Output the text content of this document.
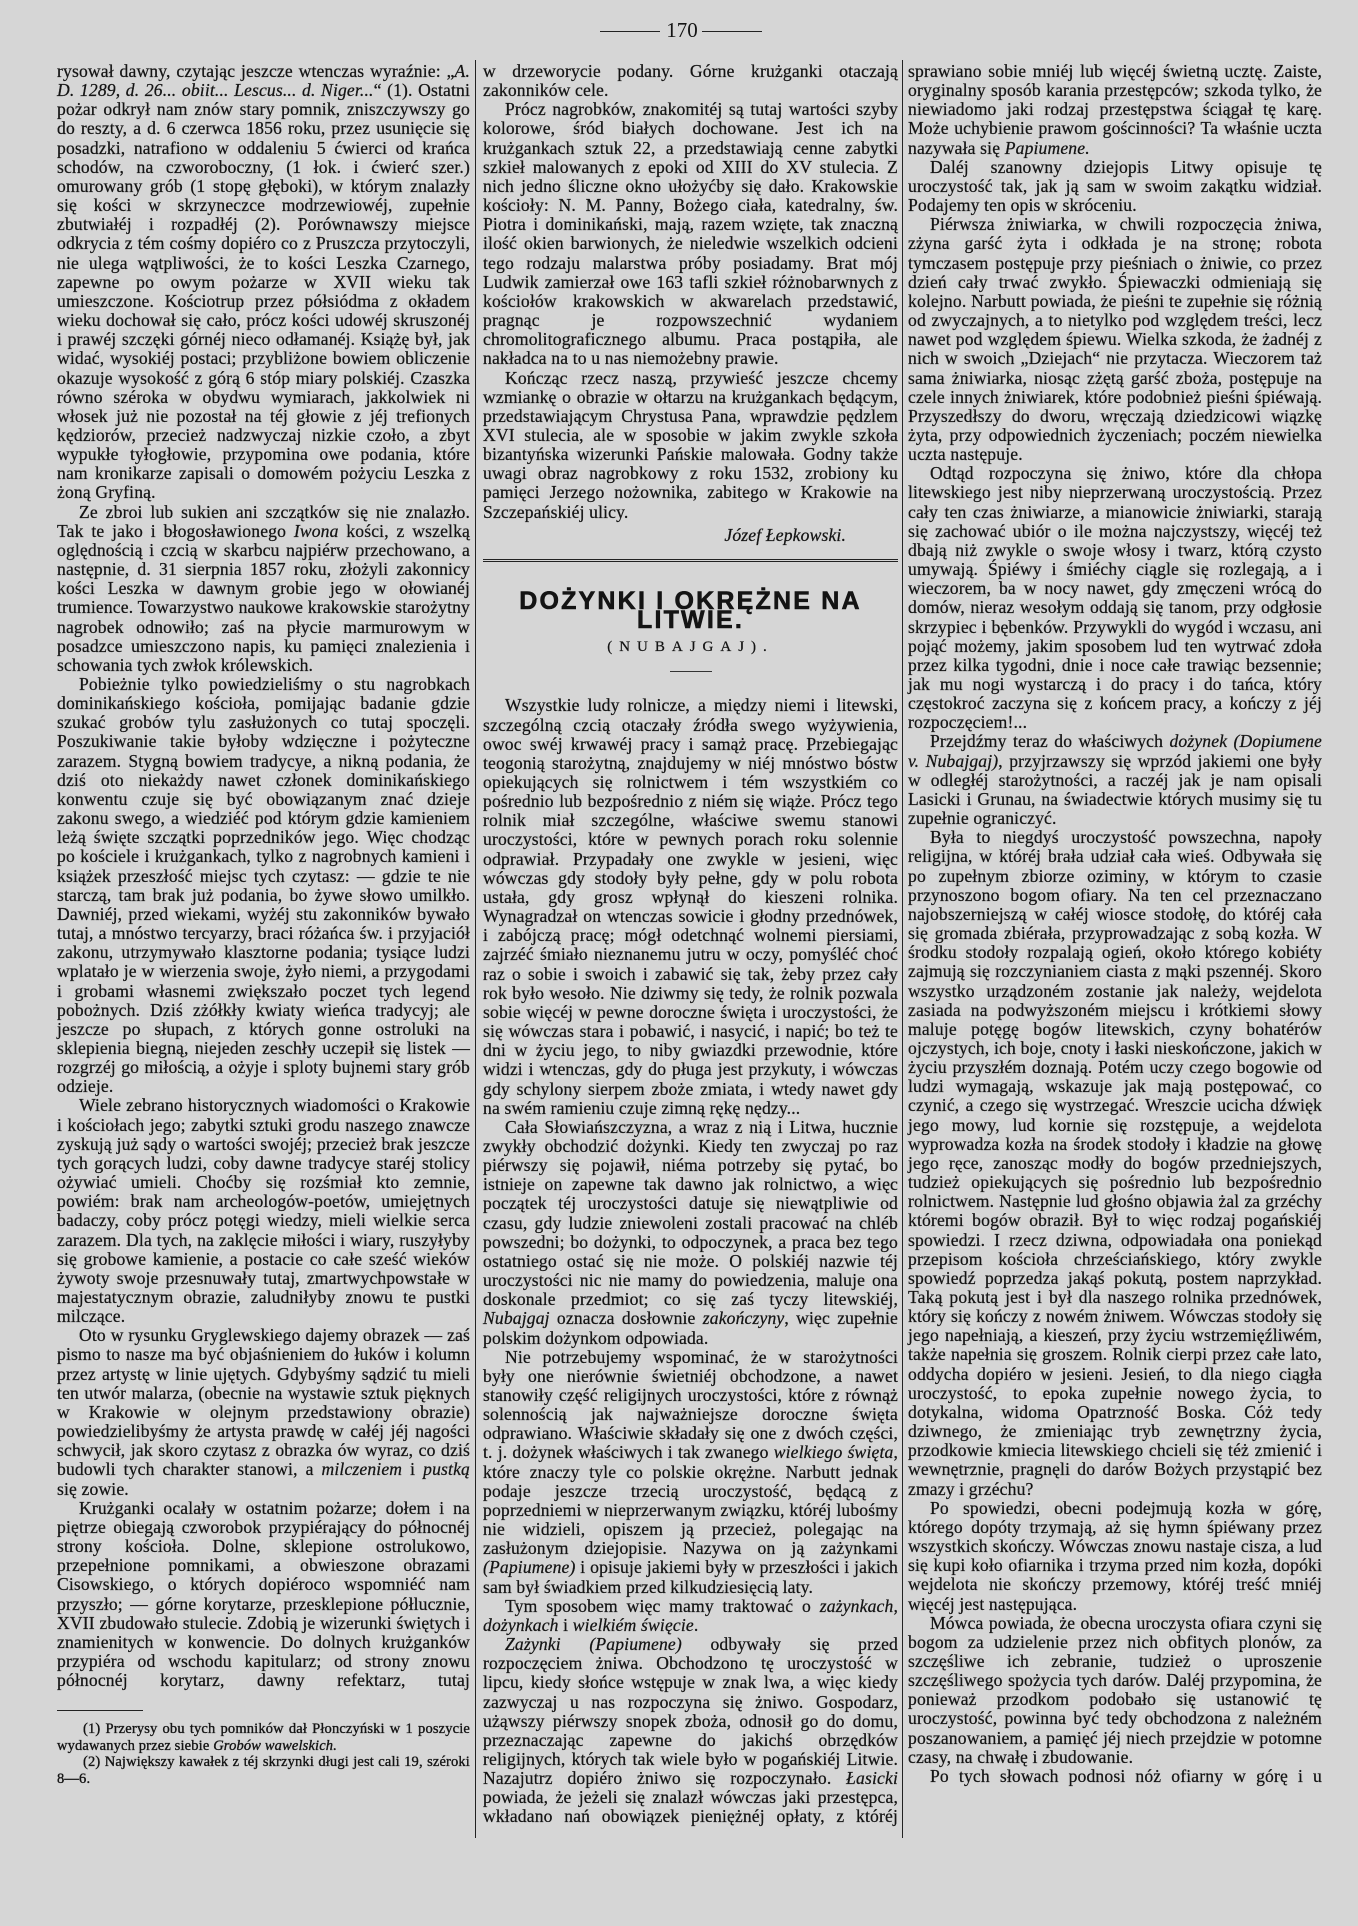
170

rysował dawny, czytając jeszcze wtenczas wyraźnie: „A. D. 1289, d. 26... obiit... Lescus... d. Niger...“ (1). Ostatni pożar odkrył nam znów stary pomnik, zniszczywszy go do reszty, a d. 6 czerwca 1856 roku, przez usunięcie się posadzki, natrafiono w oddaleniu 5 ćwierci od krańca schodów, na czworoboczny, (1 łok. i ćwierć szer.) omurowany grób (1 stopę głęboki), w którym znalazły się kości w skrzyneczce modrzewiowéj, zupełnie zbutwiałéj i rozpadłéj (2). Porównawszy miejsce odkrycia z tém cośmy dopiéro co z Pruszcza przytoczyli, nie ulega wątpliwości, że to kości Leszka Czarnego, zapewne po owym pożarze w XVII wieku tak umieszczone. Kościotrup przez półsiódma z okładem wieku dochował się cało, prócz kości udowéj skruszonéj i prawéj szczęki górnéj nieco odłamanéj. Książę był, jak widać, wysokiéj postaci; przybliżone bowiem obliczenie okazuje wysokość z górą 6 stóp miary polskiéj. Czaszka równo széroka w obydwu wymiarach, jakkolwiek ni włosek już nie pozostał na téj głowie z jéj trefionych kędziorów, przecież nadzwyczaj nizkie czoło, a zbyt wypukłe tyłogłowie, przypomina owe podania, które nam kronikarze zapisali o domowém pożyciu Leszka z żoną Gryfiną.

Ze zbroi lub sukien ani szczątków się nie znalazło. Tak te jako i błogosławionego Iwona kości, z wszelką oględnością i czcią w skarbcu najpiérw przechowano, a następnie, d. 31 sierpnia 1857 roku, złożyli zakonnicy kości Leszka w dawnym grobie jego w ołowianéj trumience. Towarzystwo naukowe krakowskie starożytny nagrobek odnowiło; zaś na płycie marmurowym w posadzce umieszczono napis, ku pamięci znalezienia i schowania tych zwłok królewskich.

Pobieżnie tylko powiedzieliśmy o stu nagrobkach dominikańskiego kościoła, pomijając badanie gdzie szukać grobów tylu zasłużonych co tutaj spoczęli. Poszukiwanie takie byłoby wdzięczne i pożyteczne zarazem. Stygną bowiem tradycye, a nikną podania, że dziś oto niekażdy nawet członek dominikańskiego konwentu czuje się być obowiązanym znać dzieje zakonu swego, a wiedziéć pod którym gdzie kamieniem leżą święte szczątki poprzedników jego. Więc chodząc po kościele i krużgankach, tylko z nagrobnych kamieni i książek przeszłość miejsc tych czytasz: — gdzie te nie starczą, tam brak już podania, bo żywe słowo umilkło. Dawniéj, przed wiekami, wyżéj stu zakonników bywało tutaj, a mnóstwo tercyarzy, braci różańca św. i przyjaciół zakonu, utrzymywało klasztorne podania; tysiące ludzi wplatało je w wierzenia swoje, żyło niemi, a przygodami i grobami własnemi zwiększało poczet tych legend pobożnych. Dziś zżółkły kwiaty wieńca tradycyj; ale jeszcze po słupach, z których gonne ostroluki na sklepienia biegną, niejeden zeschły uczepił się listek — rozgrzéj go miłością, a ożyje i sploty bujnemi stary grób odzieje.

Wiele zebrano historycznych wiadomości o Krakowie i kościołach jego; zabytki sztuki grodu naszego znawcze zyskują już sądy o wartości swojéj; przecież brak jeszcze tych gorących ludzi, coby dawne tradycye staréj stolicy ożywiać umieli. Choćby się rozśmiał kto zemnie, powiém: brak nam archeologów-poetów, umiejętnych badaczy, coby prócz potęgi wiedzy, mieli wielkie serca zarazem. Dla tych, na zaklęcie miłości i wiary, ruszyłyby się grobowe kamienie, a postacie co całe sześć wieków żywoty swoje przesnuwały tutaj, zmartwychpowstałe w majestatycznym obrazie, zaludniłyby znowu te pustki milczące.

Oto w rysunku Gryglewskiego dajemy obrazek — zaś pismo to nasze ma być objaśnieniem do łuków i kolumn przez artystę w linie ujętych. Gdybyśmy sądzić tu mieli ten utwór malarza, (obecnie na wystawie sztuk pięknych w Krakowie w olejnym przedstawiony obrazie) powiedzielibyśmy że artysta prawdę w całéj jéj nagości schwycił, jak skoro czytasz z obrazka ów wyraz, co dziś budowli tych charakter stanowi, a milczeniem i pustką się zowie.

Krużganki ocalały w ostatnim pożarze; dołem i na piętrze obiegają czworobok przypiérający do północnéj strony kościoła. Dolne, sklepione ostrolukowo, przepełnione pomnikami, a obwieszone obrazami Cisowskiego, o których dopiéroco wspomniéć nam przyszło; — górne korytarze, przesklepione półlucznie, XVII zbudowało stulecie. Zdobią je wizerunki świętych i znamienitych w konwencie. Do dolnych krużganków przypiéra od wschodu kapitularz; od strony znowu północnéj korytarz, dawny refektarz, tutaj

(1) Przerysy obu tych pomników dał Płonczyński w 1 poszycie wydawanych przez siebie Grobów wawelskich.

(2) Największy kawałek z téj skrzynki długi jest cali 19, széroki 8—6.

w drzeworycie podany. Górne krużganki otaczają zakonników cele.

Prócz nagrobków, znakomitéj są tutaj wartości szyby kolorowe, śród białych dochowane. Jest ich na krużgankach sztuk 22, a przedstawiają cenne zabytki szkieł malowanych z epoki od XIII do XV stulecia. Z nich jedno śliczne okno ułożyćby się dało. Krakowskie kościoły: N. M. Panny, Bożego ciała, katedralny, św. Piotra i dominikański, mają, razem wzięte, tak znaczną ilość okien barwionych, że nieledwie wszelkich odcieni tego rodzaju malarstwa próby posiadamy. Brat mój Ludwik zamierzał owe 163 tafli szkieł różnobarwnych z kościołów krakowskich w akwarelach przedstawić, pragnąc je rozpowszechnić wydaniem chromolitograficznego albumu. Praca postąpiła, ale nakładca na to u nas niemożebny prawie.

Kończąc rzecz naszą, przywieść jeszcze chcemy wzmiankę o obrazie w ołtarzu na krużgankach będącym, przedstawiającym Chrystusa Pana, wprawdzie pędzlem XVI stulecia, ale w sposobie w jakim zwykle szkoła bizantyńska wizerunki Pańskie malowała. Godny także uwagi obraz nagrobkowy z roku 1532, zrobiony ku pamięci Jerzego nożownika, zabitego w Krakowie na Szczepańskiéj ulicy.

Józef Łepkowski.
DOŻYNKI I OKRĘŻNE NA LITWIE.
(NUBAJGAJ).

Wszystkie ludy rolnicze, a między niemi i litewski, szczególną czcią otaczały źródła swego wyżywienia, owoc swéj krwawéj pracy i samąż pracę. Przebiegając teogonią starożytną, znajdujemy w niéj mnóstwo bóstw opiekujących się rolnictwem i tém wszystkiém co pośrednio lub bezpośrednio z niém się wiąże. Prócz tego rolnik miał szczególne, właściwe swemu stanowi uroczystości, które w pewnych porach roku solennie odprawiał. Przypadały one zwykle w jesieni, więc wówczas gdy stodoły były pełne, gdy w polu robota ustała, gdy grosz wpłynął do kieszeni rolnika. Wynagradzał on wtenczas sowicie i głodny przednówek, i zabójczą pracę; mógł odetchnąć wolnemi piersiami, zajrzéć śmiało nieznanemu jutru w oczy, pomyśléć choć raz o sobie i swoich i zabawić się tak, żeby przez cały rok było wesoło. Nie dziwmy się tedy, że rolnik pozwala sobie więcéj w pewne doroczne święta i uroczystości, że się wówczas stara i pobawić, i nasycić, i napić; bo też te dni w życiu jego, to niby gwiazdki przewodnie, które widzi i wtenczas, gdy do pługa jest przykuty, i wówczas gdy schylony sierpem zboże zmiata, i wtedy nawet gdy na swém ramieniu czuje zimną rękę nędzy...

Cała Słowiańszczyzna, a wraz z nią i Litwa, hucznie zwykły obchodzić dożynki. Kiedy ten zwyczaj po raz piérwszy się pojawił, niéma potrzeby się pytać, bo istnieje on zapewne tak dawno jak rolnictwo, a więc początek téj uroczystości datuje się niewątpliwie od czasu, gdy ludzie zniewoleni zostali pracować na chléb powszedni; bo dożynki, to odpoczynek, a praca bez tego ostatniego ostać się nie może. O polskiéj nazwie téj uroczystości nic nie mamy do powiedzenia, maluje ona doskonale przedmiot; co się zaś tyczy litewskiéj, Nubajgaj oznacza dosłownie zakończyny, więc zupełnie polskim dożynkom odpowiada.

Nie potrzebujemy wspominać, że w starożytności były one nierównie świetniéj obchodzone, a nawet stanowiły część religijnych uroczystości, które z równąż solennością jak najważniejsze doroczne święta odprawiano. Właściwie składały się one z dwóch części, t. j. dożynek właściwych i tak zwanego wielkiego święta, które znaczy tyle co polskie okrężne. Narbutt jednak podaje jeszcze trzecią uroczystość, będącą z poprzedniemi w nieprzerwanym związku, któréj lubośmy nie widzieli, opiszem ją przecież, polegając na zasłużonym dziejopisie. Nazywa on ją zażynkami (Papiumene) i opisuje jakiemi były w przeszłości i jakich sam był świadkiem przed kilkudziesięcią laty.

Tym sposobem więc mamy traktować o zażynkach, dożynkach i wielkiém święcie.

Zażynki (Papiumene) odbywały się przed rozpoczęciem żniwa. Obchodzono tę uroczystość w lipcu, kiedy słońce wstępuje w znak lwa, a więc kiedy zazwyczaj u nas rozpoczyna się żniwo. Gospodarz, użąwszy piérwszy snopek zboża, odnosił go do domu, przeznaczając zapewne do jakichś obrzędków religijnych, których tak wiele było w pogańskiéj Litwie. Nazajutrz dopiéro żniwo się rozpoczynało. Łasicki powiada, że jeżeli się znalazł wówczas jaki przestępca, wkładano nań obowiązek pieniężnéj opłaty, z któréj

sprawiano sobie mniéj lub więcéj świetną ucztę. Zaiste, oryginalny sposób karania przestępców; szkoda tylko, że niewiadomo jaki rodzaj przestępstwa ściągał tę karę. Może uchybienie prawom gościnności? Ta właśnie uczta nazywała się Papiumene.

Daléj szanowny dziejopis Litwy opisuje tę uroczystość tak, jak ją sam w swoim zakątku widział. Podajemy ten opis w skróceniu.

Piérwsza żniwiarka, w chwili rozpoczęcia żniwa, zżyna garść żyta i odkłada je na stronę; robota tymczasem postępuje przy pieśniach o żniwie, co przez dzień cały trwać zwykło. Śpiewaczki odmieniają się kolejno. Narbutt powiada, że pieśni te zupełnie się różnią od zwyczajnych, a to nietylko pod względem treści, lecz nawet pod względem śpiewu. Wielka szkoda, że żadnéj z nich w swoich „Dziejach“ nie przytacza. Wieczorem taż sama żniwiarka, niosąc zżętą garść zboża, postępuje na czele innych żniwiarek, które podobnież pieśni śpiéwają. Przyszedłszy do dworu, wręczają dziedzicowi wiązkę żyta, przy odpowiednich życzeniach; poczém niewielka uczta następuje.

Odtąd rozpoczyna się żniwo, które dla chłopa litewskiego jest niby nieprzerwaną uroczystością. Przez cały ten czas żniwiarze, a mianowicie żniwiarki, starają się zachować ubiór o ile można najczystszy, więcéj też dbają niż zwykle o swoje włosy i twarz, którą czysto umywają. Śpiéwy i śmiéchy ciągle się rozlegają, a i wieczorem, ba w nocy nawet, gdy zmęczeni wrócą do domów, nieraz wesołym oddają się tanom, przy odgłosie skrzypiec i bębenków. Przywykli do wygód i wczasu, ani pojąć możemy, jakim sposobem lud ten wytrwać zdoła przez kilka tygodni, dnie i noce całe trawiąc bezsennie; jak mu nogi wystarczą i do pracy i do tańca, który częstokroć zaczyna się z końcem pracy, a kończy z jéj rozpoczęciem!...

Przejdźmy teraz do właściwych dożynek (Dopiumene v. Nubajgaj), przyjrzawszy się wprzód jakiemi one były w odległéj starożytności, a raczéj jak je nam opisali Lasicki i Grunau, na świadectwie których musimy się tu zupełnie ograniczyć.

Była to niegdyś uroczystość powszechna, napoły religijna, w któréj brała udział cała wieś. Odbywała się po zupełnym zbiorze oziminy, w którym to czasie przynoszono bogom ofiary. Na ten cel przeznaczano najobszerniejszą w całéj wiosce stodołę, do któréj cała się gromada zbiérała, przyprowadzając z sobą kozła. W środku stodoły rozpalają ogień, około którego kobiéty zajmują się rozczynianiem ciasta z mąki pszennéj. Skoro wszystko urządzoném zostanie jak należy, wejdelota zasiada na podwyższoném miejscu i krótkiemi słowy maluje potęgę bogów litewskich, czyny bohatérów ojczystych, ich boje, cnoty i łaski nieskończone, jakich w życiu przyszłém doznają. Potém uczy czego bogowie od ludzi wymagają, wskazuje jak mają postępować, co czynić, a czego się wystrzegać. Wreszcie ucicha dźwięk jego mowy, lud kornie się rozstępuje, a wejdelota wyprowadza kozła na środek stodoły i kładzie na głowę jego ręce, zanosząc modły do bogów przedniejszych, tudzież opiekujących się pośrednio lub bezpośrednio rolnictwem. Następnie lud głośno objawia żal za grzéchy któremi bogów obraził. Był to więc rodzaj pogańskiéj spowiedzi. I rzecz dziwna, odpowiadała ona poniekąd przepisom kościoła chrześciańskiego, który zwykle spowiedź poprzedza jakąś pokutą, postem naprzykład. Taką pokutą jest i był dla naszego rolnika przednówek, który się kończy z nowém żniwem. Wówczas stodoły się jego napełniają, a kieszeń, przy życiu wstrzemięźliwém, także napełnia się groszem. Rolnik cierpi przez całe lato, oddycha dopiéro w jesieni. Jesień, to dla niego ciągła uroczystość, to epoka zupełnie nowego życia, to dotykalna, widoma Opatrzność Boska. Cóż tedy dziwnego, że zmieniając tryb zewnętrzny życia, przodkowie kmiecia litewskiego chcieli się téż zmienić i wewnętrznie, pragnęli do darów Bożych przystąpić bez zmazy i grzéchu?

Po spowiedzi, obecni podejmują kozła w górę, którego dopóty trzymają, aż się hymn śpiéwany przez wszystkich skończy. Wówczas znowu nastaje cisza, a lud się kupi koło ofiarnika i trzyma przed nim kozła, dopóki wejdelota nie skończy przemowy, któréj treść mniéj więcéj jest następująca.

Mówca powiada, że obecna uroczysta ofiara czyni się bogom za udzielenie przez nich obfitych plonów, za szczęśliwe ich zebranie, tudzież o uproszenie szczęśliwego spożycia tych darów. Daléj przypomina, że ponieważ przodkom podobało się ustanowić tę uroczystość, powinna być tedy obchodzona z należném poszanowaniem, a pamięć jéj niech przejdzie w potomne czasy, na chwałę i zbudowanie.

Po tych słowach podnosi nóż ofiarny w górę i u
